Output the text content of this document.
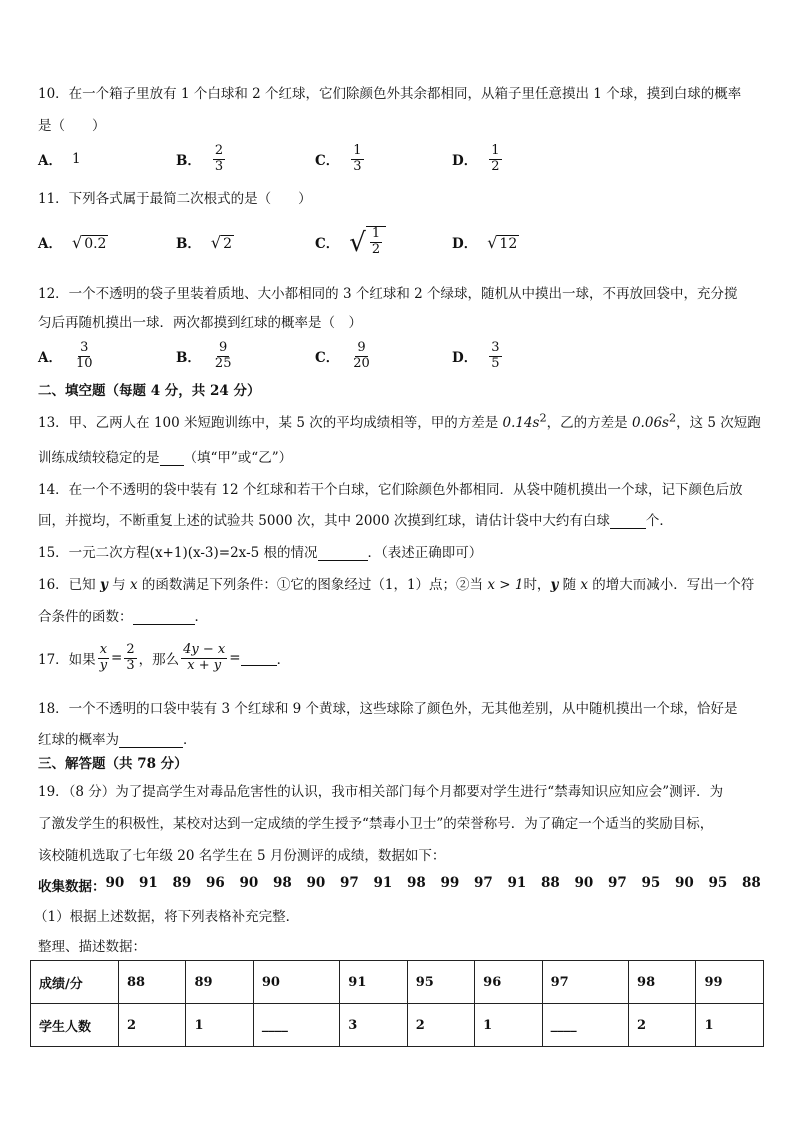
10．在一个箱子里放有 1 个白球和 2 个红球，它们除颜色外其余都相同，从箱子里任意摸出 1 个球，摸到白球的概率
是（　　）
A． 1	B． $\frac{2}{3}$	C． $\frac{1}{3}$	D． $\frac{1}{2}$
11．下列各式属于最简二次根式的是（　　）
A． √ 0.2	B． √ 2	C． √ $\frac{1}{2}$	D． √ 12
12．一个不透明的袋子里装着质地、大小都相同的 3 个红球和 2 个绿球，随机从中摸出一球，不再放回袋中，充分搅
匀后再随机摸出一球．两次都摸到红球的概率是（　）
A． $\frac{3}{10}$	B． $\frac{9}{25}$	C． $\frac{9}{20}$	D． $\frac{3}{5}$
二、填空题（每题 4 分，共 24 分）
13．甲、乙两人在 100 米短跑训练中，某 5 次的平均成绩相等，甲的方差是 $0.14s^2$，乙的方差是 $0.06s^2$，这 5 次短跑
训练成绩较稳定的是 （填“甲”或“乙”）
14．在一个不透明的袋中装有 12 个红球和若干个白球，它们除颜色外都相同．从袋中随机摸出一个球，记下颜色后放
回，并搅均，不断重复上述的试验共 5000 次，其中 2000 次摸到红球，请估计袋中大约有白球	个．
15．一元二次方程(x+1)(x-3)=2x-5 根的情况	．（表述正确即可）
16．已知 y 与 x 的函数满足下列条件：①它的图象经过（1，1）点；②当 x > 1时，y 随 x 的增大而减小．写出一个符
合条件的函数：	．
17．如果 $\frac{x}{y} = \frac{2}{3}$ ，那么 $\frac{4y - x}{x + y}$ =	．
18．一个不透明的口袋中装有 3 个红球和 9 个黄球，这些球除了颜色外，无其他差别，从中随机摸出一个球，恰好是
红球的概率为	．
三、解答题（共 78 分）
19．（8 分）为了提高学生对毒品危害性的认识，我市相关部门每个月都要对学生进行“禁毒知识应知应会”测评．为
了激发学生的积极性，某校对达到一定成绩的学生授予“禁毒小卫士”的荣誉称号．为了确定一个适当的奖励目标，
该校随机选取了七年级 20 名学生在 5 月份测评的成绩，数据如下：
收集数据： 90	91	89	96	90	98	90	97	91	98	99	97	91	88	90	97	95	90	95	88
（1）根据上述数据，将下列表格补充完整．
整理、描述数据：
成绩/分	88	89	90	91	95	96	97	98	99
学生人数	2	1	____	3	2	1	____	2	1
